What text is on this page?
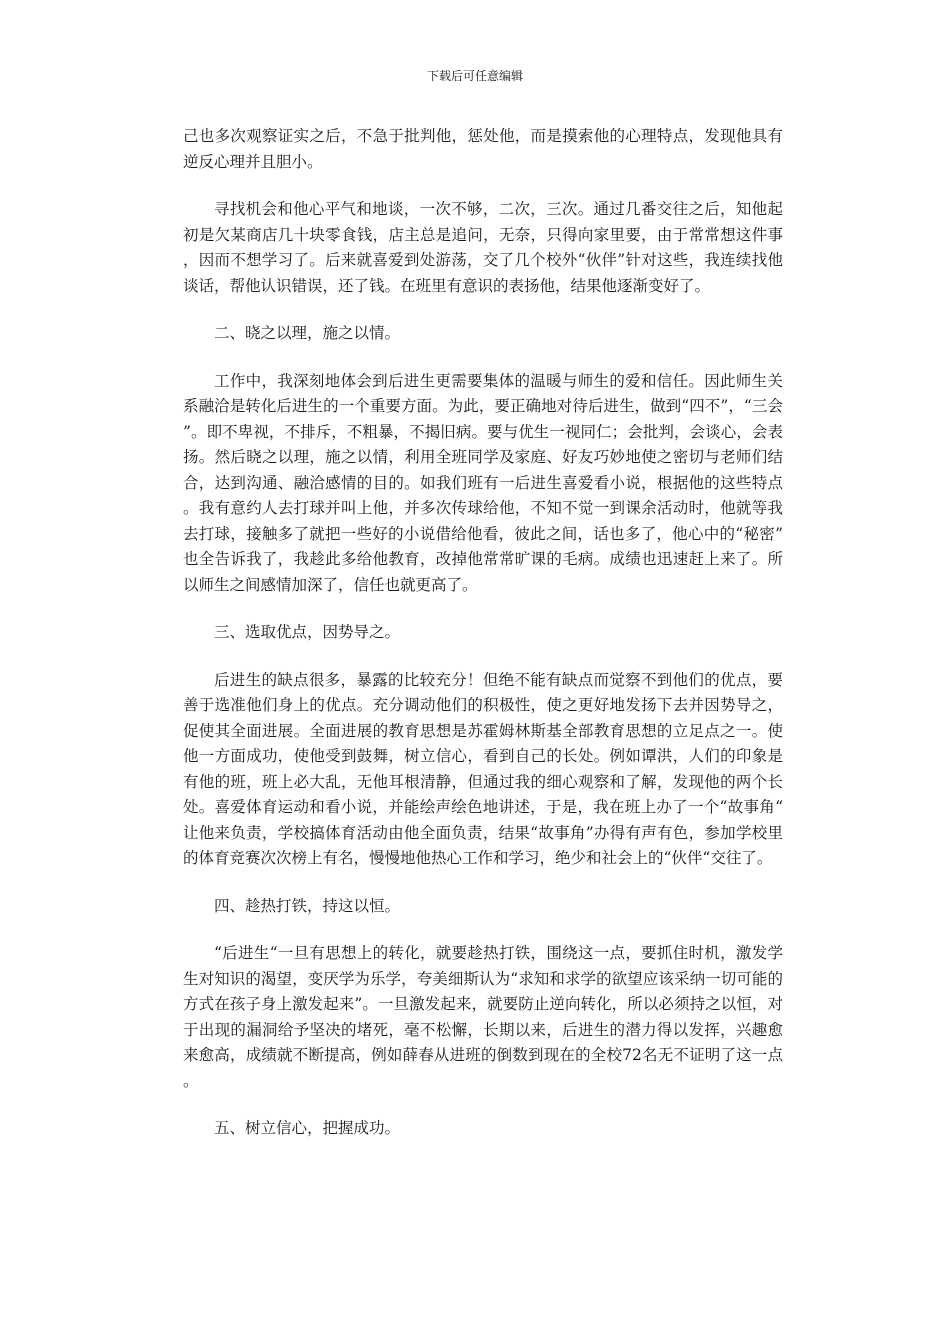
下载后可任意编辑

己也多次观察证实之后，不急于批判他，惩处他，而是摸索他的心理特点，发现他具有逆反心理并且胆小。

寻找机会和他心平气和地谈，一次不够，二次，三次。通过几番交往之后，知他起初是欠某商店几十块零食钱，店主总是追问，无奈，只得向家里要，由于常常想这件事，因而不想学习了。后来就喜爱到处游荡，交了几个校外“伙伴”针对这些，我连续找他谈话，帮他认识错误，还了钱。在班里有意识的表扬他，结果他逐渐变好了。

二、晓之以理，施之以情。

工作中，我深刻地体会到后进生更需要集体的温暖与师生的爱和信任。因此师生关系融洽是转化后进生的一个重要方面。为此，要正确地对待后进生，做到“四不”，“三会”。即不卑视，不排斥，不粗暴，不揭旧病。要与优生一视同仁；会批判，会谈心，会表扬。然后晓之以理，施之以情，利用全班同学及家庭、好友巧妙地使之密切与老师们结合，达到沟通、融洽感情的目的。如我们班有一后进生喜爱看小说，根据他的这些特点。我有意约人去打球并叫上他，并多次传球给他，不知不觉一到课余活动时，他就等我去打球，接触多了就把一些好的小说借给他看，彼此之间，话也多了，他心中的“秘密”也全告诉我了，我趁此多给他教育，改掉他常常旷课的毛病。成绩也迅速赶上来了。所以师生之间感情加深了，信任也就更高了。

三、选取优点，因势导之。

后进生的缺点很多，暴露的比较充分！但绝不能有缺点而觉察不到他们的优点，要善于选准他们身上的优点。充分调动他们的积极性，使之更好地发扬下去并因势导之，促使其全面进展。全面进展的教育思想是苏霍姆林斯基全部教育思想的立足点之一。使他一方面成功，使他受到鼓舞，树立信心，看到自己的长处。例如谭洪，人们的印象是有他的班，班上必大乱，无他耳根清静，但通过我的细心观察和了解，发现他的两个长处。喜爱体育运动和看小说，并能绘声绘色地讲述，于是，我在班上办了一个“故事角“让他来负责，学校搞体育活动由他全面负责，结果“故事角”办得有声有色，参加学校里的体育竞赛次次榜上有名，慢慢地他热心工作和学习，绝少和社会上的“伙伴“交往了。

四、趁热打铁，持这以恒。

“后进生“一旦有思想上的转化，就要趁热打铁，围绕这一点，要抓住时机，激发学生对知识的渴望，变厌学为乐学，夸美细斯认为“求知和求学的欲望应该采纳一切可能的方式在孩子身上激发起来”。一旦激发起来，就要防止逆向转化，所以必须持之以恒，对于出现的漏洞给予坚决的堵死，毫不松懈，长期以来，后进生的潜力得以发挥，兴趣愈来愈高，成绩就不断提高，例如薛春从进班的倒数到现在的全校72名无不证明了这一点。

五、树立信心，把握成功。
